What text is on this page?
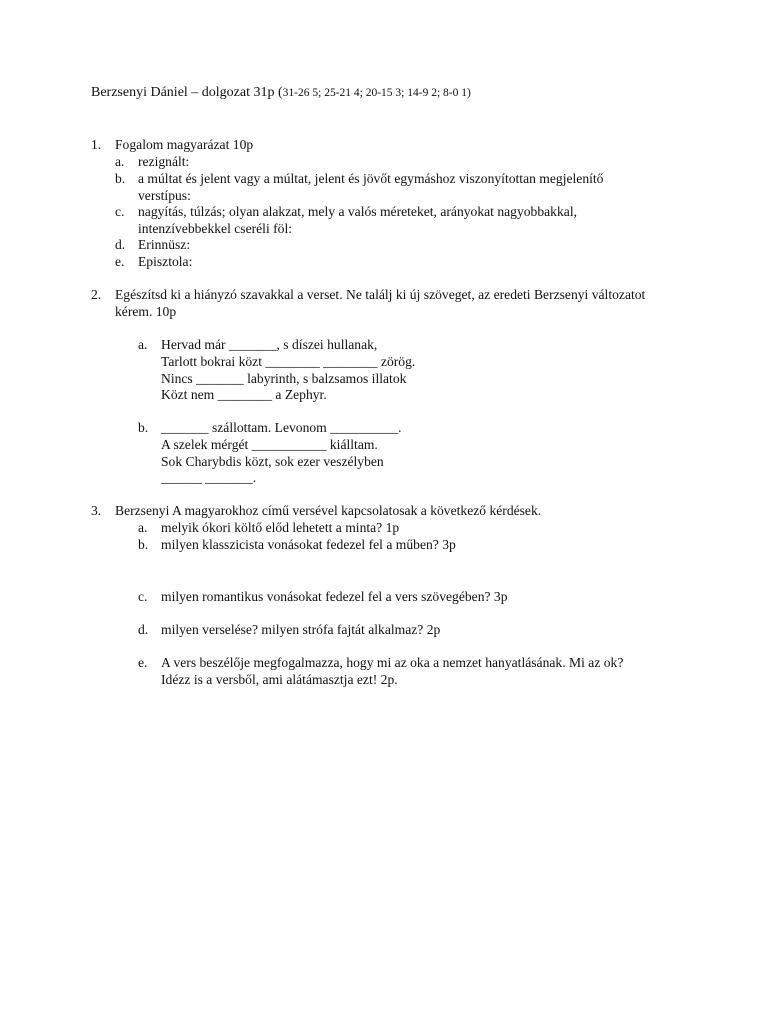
Berzsenyi Dániel – dolgozat 31p (31-26 5; 25-21 4; 20-15 3; 14-9 2; 8-0 1)
1.	Fogalom magyarázat 10p
a. rezignált:
b. a múltat és jelent vagy a múltat, jelent és jövőt egymáshoz viszonyítottan megjelenítő
verstípus:
c. nagyítás, túlzás; olyan alakzat, mely a valós méreteket, arányokat nagyobbakkal,
intenzívebbekkel cseréli föl:
d. Erinnüsz:
e. Episztola:
2.	Egészítsd ki a hiányzó szavakkal a verset. Ne találj ki új szöveget, az eredeti Berzsenyi változatot
kérem. 10p
a. Hervad már _______, s díszei hullanak,
Tarlott bokrai közt ________ ________ zörög.
Nincs _______ labyrinth, s balzsamos illatok
Közt nem ________ a Zephyr.
b. _______ szállottam. Levonom __________.
A szelek mérgét ___________ kiálltam.
Sok Charybdis közt, sok ezer veszélyben
______ _______.
3.	Berzsenyi A magyarokhoz című versével kapcsolatosak a következő kérdések.
a. melyik ókori költő előd lehetett a minta? 1p
b. milyen klasszicista vonásokat fedezel fel a műben? 3p
c. milyen romantikus vonásokat fedezel fel a vers szövegében? 3p
d. milyen verselése? milyen strófa fajtát alkalmaz? 2p
e. A vers beszélője megfogalmazza, hogy mi az oka a nemzet hanyatlásának. Mi az ok?
Idézz is a versből, ami alátámasztja ezt! 2p.
